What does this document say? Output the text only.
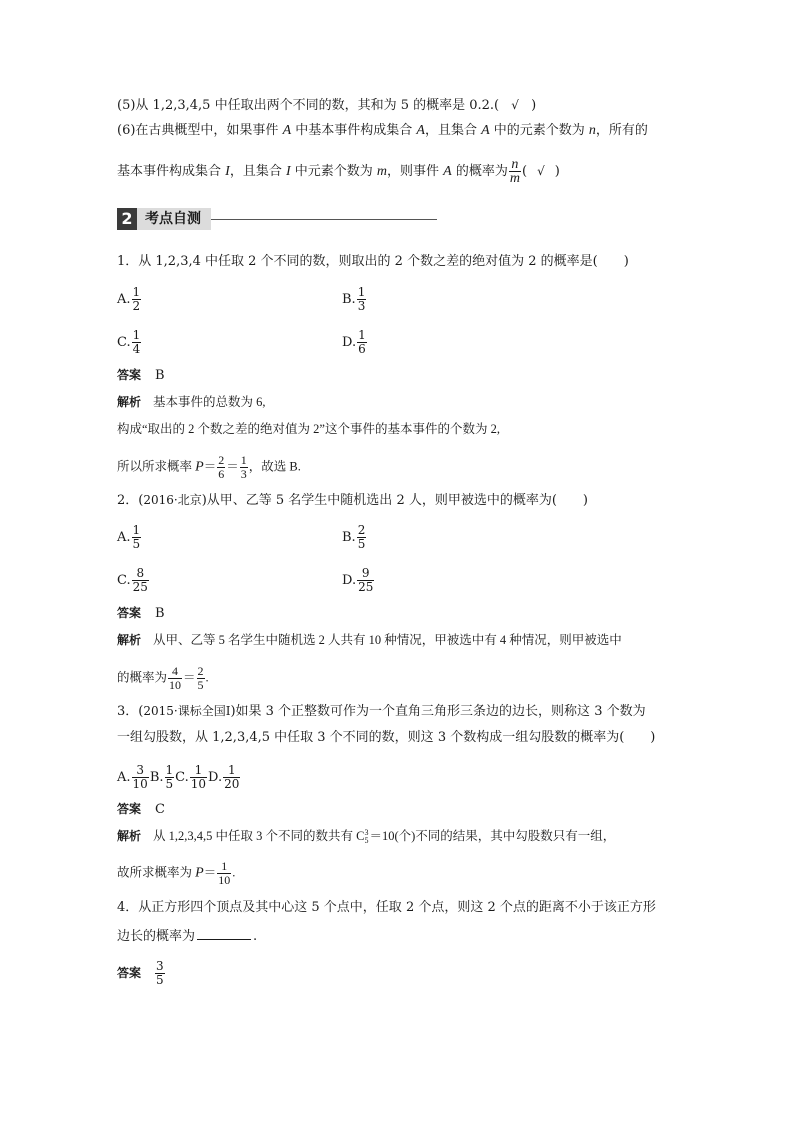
(5)从 1,2,3,4,5 中任取出两个不同的数，其和为 5 的概率是 0.2.( √ )
(6)在古典概型中，如果事件 A 中基本事件构成集合 A，且集合 A 中的元素个数为 n，所有的
基本事件构成集合 I，且集合 I 中元素个数为 m，则事件 A 的概率为 $\frac{n}{m}$ ( √ )
2 考点自测
1．从 1,2,3,4 中任取 2 个不同的数，则取出的 2 个数之差的绝对值为 2 的概率是(　　)
A. $\frac{1}{2}$	B. $\frac{1}{3}$
C. $\frac{1}{4}$	D. $\frac{1}{6}$
答案 B
解析 基本事件的总数为 6,
构成“取出的 2 个数之差的绝对值为 2”这个事件的基本事件的个数为 2,
所以所求概率 $P= \frac{2}{6} = \frac{1}{3}$ ，故选 B.
2．(2016·北京)从甲、乙等 5 名学生中随机选出 2 人，则甲被选中的概率为(　　)
A. $\frac{1}{5}$	B. $\frac{2}{5}$
C. $\frac{8}{25}$	D. $\frac{9}{25}$
答案 B
解析 从甲、乙等 5 名学生中随机选 2 人共有 10 种情况，甲被选中有 4 种情况，则甲被选中
的概率为 $\frac{4}{10} = \frac{2}{5}$ .
3．(2015·课标全国Ⅰ)如果 3 个正整数可作为一个直角三角形三条边的边长，则称这 3 个数为
一组勾股数，从 1,2,3,4,5 中任取 3 个不同的数，则这 3 个数构成一组勾股数的概率为(　　)
A. $\frac{3}{10} B$. $\frac{1}{5} C$. $\frac{1}{10} D$. $\frac{1}{20}$
答案 C
解析 从 1,2,3,4,5 中任取 3 个不同的数共有 C 3
5 ＝10(个)不同的结果，其中勾股数只有一组，
故所求概率为 $P= \frac{1}{10}$ .
4．从正方形四个顶点及其中心这 5 个点中，任取 2 个点，则这 2 个点的距离不小于该正方形
边长的概率为	.
答案 $\frac{3}{5}$
